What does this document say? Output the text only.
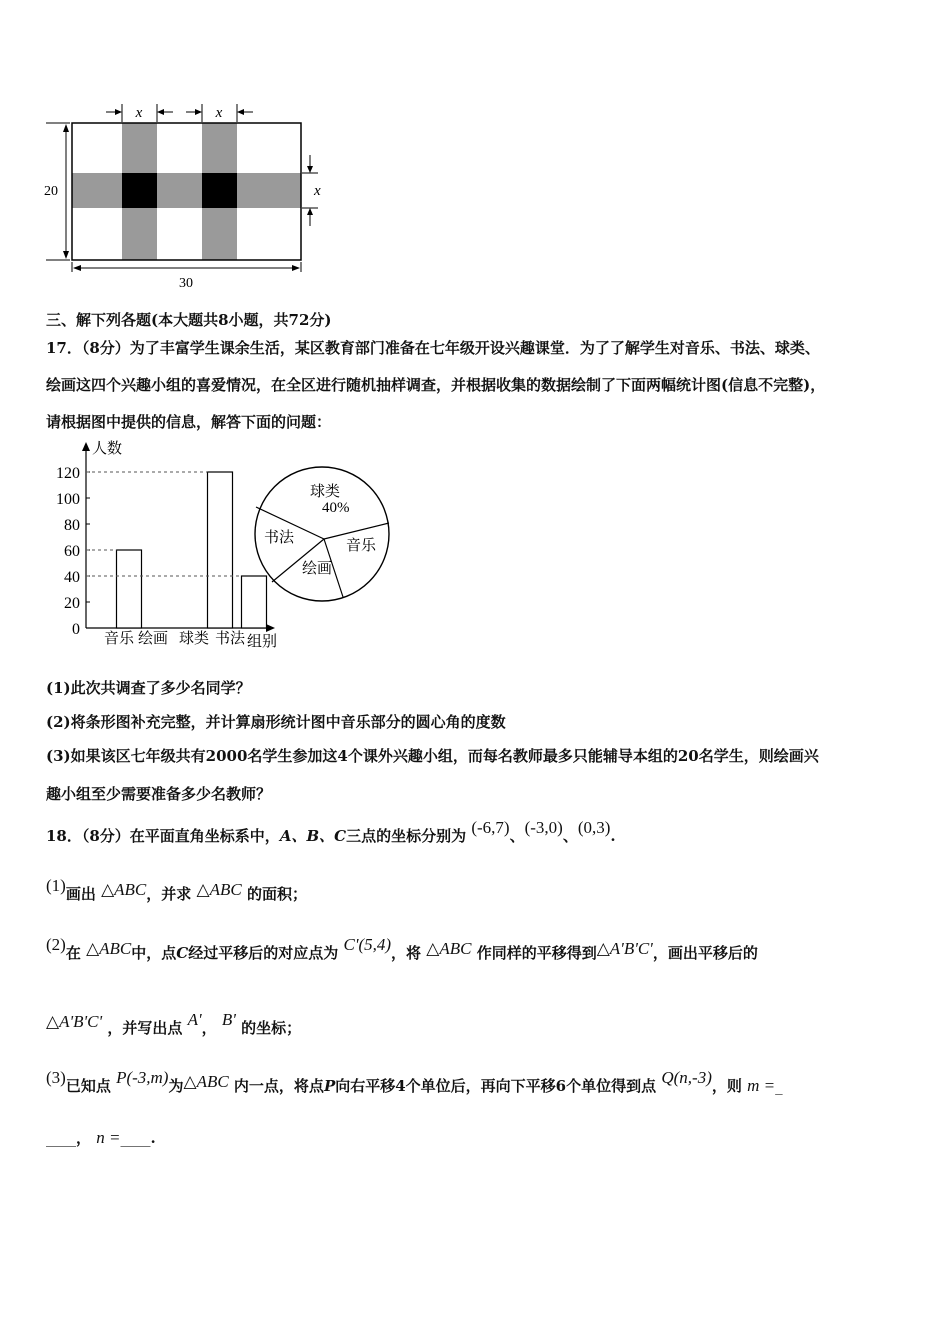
x	x
x
20
30
三、解下列各题(本大题共8小题，共72分)
17．（8分）为了丰富学生课余生活，某区教育部门准备在七年级开设兴趣课堂．为了了解学生对音乐、书法、球类、
绘画这四个兴趣小组的喜爱情况，在全区进行随机抽样调查，并根据收集的数据绘制了下面两幅统计图(信息不完整)，
请根据图中提供的信息，解答下面的问题：
人数
0
20
40
60
80
100
120
音乐 绘画 球类 书法 组别
球类
音乐
绘画
书法
40%
(1)此次共调查了多少名同学？
(2)将条形图补充完整，并计算扇形统计图中音乐部分的圆心角的度数
(3)如果该区七年级共有2000名学生参加这4个课外兴趣小组，而每名教师最多只能辅导本组的20名学生，则绘画兴
趣小组至少需要准备多少名教师？
18．（8分）在平面直角坐标系中，A、B、C三点的坐标分别为 (-6,7)、(-3,0)、(0,3).
(1)画出 △ABC，并求 △ABC 的面积；
(2)在 △ABC中，点C经过平移后的对应点为 C'(5,4)，将 △ABC 作同样的平移得到△A'B'C'，画出平移后的
△A'B'C' ，并写出点 A'， B' 的坐标；
(3)已知点 P(-3,m)为△ABC 内一点，将点P向右平移4个单位后，再向下平移6个单位得到点 Q(n,-3)，则 m =_
____， n =____.
